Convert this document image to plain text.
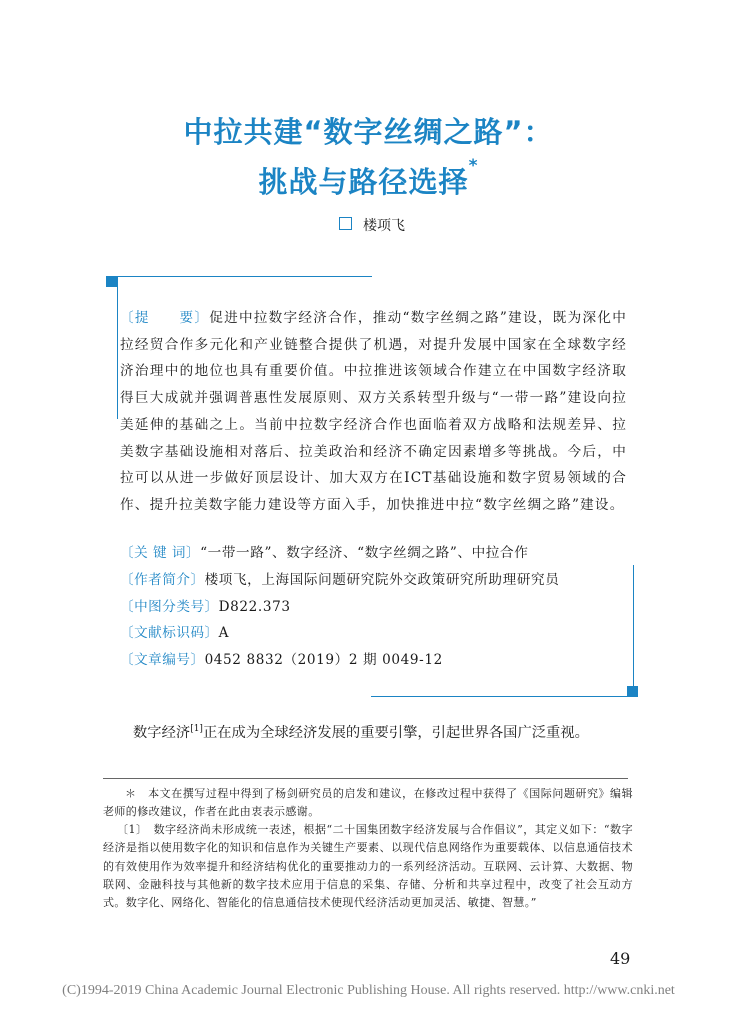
中拉共建“数字丝绸之路”：
挑战与路径选择*
楼项飞

〔提　　要〕促进中拉数字经济合作，推动“数字丝绸之路”建设，既为深化中拉经贸合作多元化和产业链整合提供了机遇，对提升发展中国家在全球数字经济治理中的地位也具有重要价值。中拉推进该领域合作建立在中国数字经济取得巨大成就并强调普惠性发展原则、双方关系转型升级与“一带一路”建设向拉美延伸的基础之上。当前中拉数字经济合作也面临着双方战略和法规差异、拉美数字基础设施相对落后、拉美政治和经济不确定因素增多等挑战。今后，中拉可以从进一步做好顶层设计、加大双方在ICT基础设施和数字贸易领域的合作、提升拉美数字能力建设等方面入手，加快推进中拉“数字丝绸之路”建设。

〔关 键 词〕“一带一路”、数字经济、“数字丝绸之路”、中拉合作
〔作者简介〕楼项飞，上海国际问题研究院外交政策研究所助理研究员
〔中图分类号〕D822.373
〔文献标识码〕A
〔文章编号〕0452 8832（2019）2 期 0049-12

数字经济[1]正在成为全球经济发展的重要引擎，引起世界各国广泛重视。

＊  本文在撰写过程中得到了杨剑研究员的启发和建议，在修改过程中获得了《国际问题研究》编辑老师的修改建议，作者在此由衷表示感谢。

〔1〕  数字经济尚未形成统一表述，根据“二十国集团数字经济发展与合作倡议”，其定义如下：“数字经济是指以使用数字化的知识和信息作为关键生产要素、以现代信息网络作为重要载体、以信息通信技术的有效使用作为效率提升和经济结构优化的重要推动力的一系列经济活动。互联网、云计算、大数据、物联网、金融科技与其他新的数字技术应用于信息的采集、存储、分析和共享过程中，改变了社会互动方式。数字化、网络化、智能化的信息通信技术使现代经济活动更加灵活、敏捷、智慧。”

49
(C)1994-2019 China Academic Journal Electronic Publishing House. All rights reserved. http://www.cnki.net
